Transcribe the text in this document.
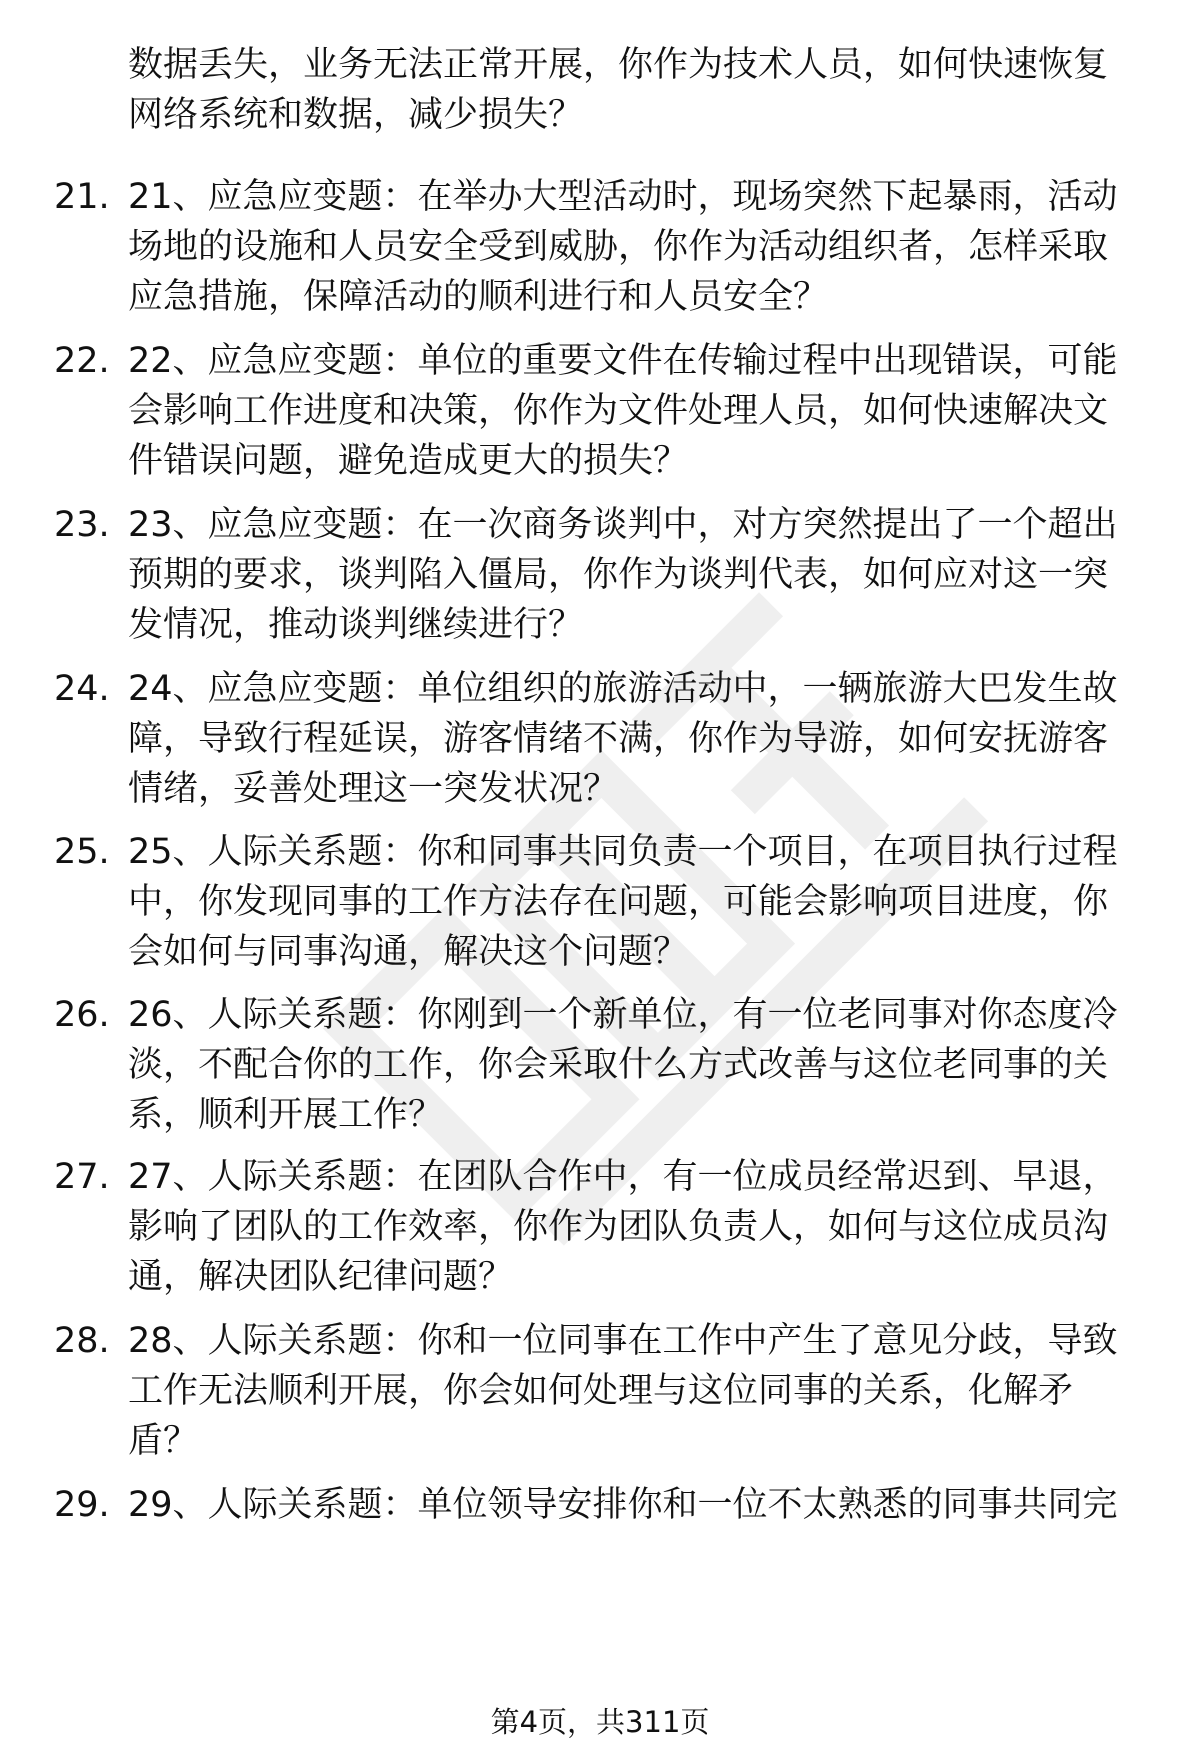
数据丢失，业务无法正常开展，你作为技术人员，如何快速恢复
网络系统和数据，减少损失？
21. 21、应急应变题：在举办大型活动时，现场突然下起暴雨，活动
场地的设施和人员安全受到威胁，你作为活动组织者，怎样采取
应急措施，保障活动的顺利进行和人员安全？
22. 22、应急应变题：单位的重要文件在传输过程中出现错误，可能
会影响工作进度和决策，你作为文件处理人员，如何快速解决文
件错误问题，避免造成更大的损失？
23. 23、应急应变题：在一次商务谈判中，对方突然提出了一个超出
预期的要求，谈判陷入僵局，你作为谈判代表，如何应对这一突
发情况，推动谈判继续进行？
24. 24、应急应变题：单位组织的旅游活动中，一辆旅游大巴发生故
障，导致行程延误，游客情绪不满，你作为导游，如何安抚游客
情绪，妥善处理这一突发状况？
25. 25、人际关系题：你和同事共同负责一个项目，在项目执行过程
中，你发现同事的工作方法存在问题，可能会影响项目进度，你
会如何与同事沟通，解决这个问题？
26. 26、人际关系题：你刚到一个新单位，有一位老同事对你态度冷
淡，不配合你的工作，你会采取什么方式改善与这位老同事的关
系，顺利开展工作？
27. 27、人际关系题：在团队合作中，有一位成员经常迟到、早退，
影响了团队的工作效率，你作为团队负责人，如何与这位成员沟
通，解决团队纪律问题？
28. 28、人际关系题：你和一位同事在工作中产生了意见分歧，导致
工作无法顺利开展，你会如何处理与这位同事的关系，化解矛
盾？
29. 29、人际关系题：单位领导安排你和一位不太熟悉的同事共同完
第4页，共311页
